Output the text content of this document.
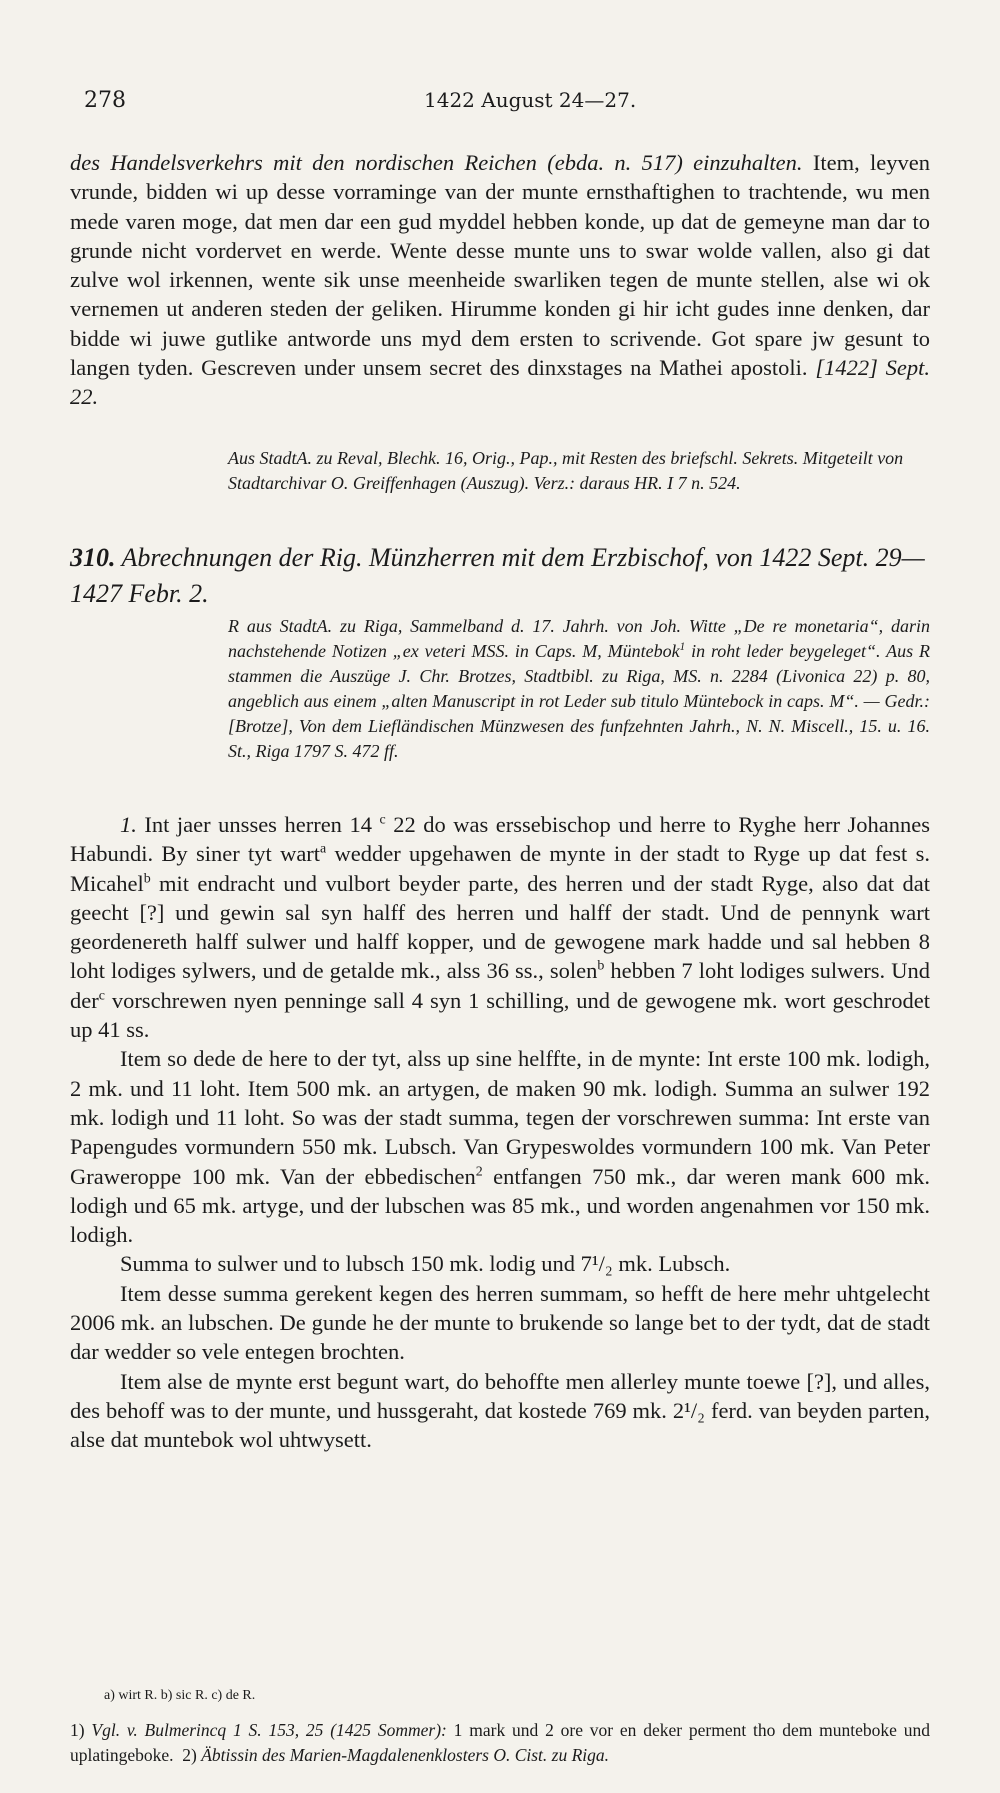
278	1422 August 24—27.

des Handelsverkehrs mit den nordischen Reichen (ebda. n. 517) einzuhalten. Item, leyven vrunde, bidden wi up desse vorraminge van der munte ernsthaftighen to trachtende, wu men mede varen moge, dat men dar een gud myddel hebben konde, up dat de gemeyne man dar to grunde nicht vordervet en werde. Wente desse munte uns to swar wolde vallen, also gi dat zulve wol irkennen, wente sik unse meenheide swarliken tegen de munte stellen, alse wi ok vernemen ut anderen steden der geliken. Hirumme konden gi hir icht gudes inne denken, dar bidde wi juwe gutlike antworde uns myd dem ersten to scrivende. Got spare jw gesunt to langen tyden. Gescreven under unsem secret des dinxstages na Mathei apostoli. [1422] Sept. 22.

Aus StadtA. zu Reval, Blechk. 16, Orig., Pap., mit Resten des briefschl. Sekrets. Mitgeteilt von Stadtarchivar O. Greiffenhagen (Auszug). Verz.: daraus HR. I 7 n. 524.
310. Abrechnungen der Rig. Münzherren mit dem Erzbischof, von 1422 Sept. 29—1427 Febr. 2.
R aus StadtA. zu Riga, Sammelband d. 17. Jahrh. von Joh. Witte „De re monetaria“, darin nachstehende Notizen „ex veteri MSS. in Caps. M, Müntebok$^1$ in roht leder beygeleget“. Aus R stammen die Auszüge J. Chr. Brotzes, Stadtbibl. zu Riga, MS. n. 2284 (Livonica 22) p. 80, angeblich aus einem „alten Manuscript in rot Leder sub titulo Müntebock in caps. M“. — Gedr.: [Brotze], Von dem Liefländischen Münzwesen des funfzehnten Jahrh., N. N. Miscell., 15. u. 16. St., Riga 1797 S. 472 ff.

1. Int jaer unsses herren 14 $^c$ 22 do was erssebischop und herre to Ryghe herr Johannes Habundi. By siner tyt wart$^a$ wedder upgehawen de mynte in der stadt to Ryge up dat fest s. Micahel$^b$ mit endracht und vulbort beyder parte, des herren und der stadt Ryge, also dat dat geecht [?] und gewin sal syn halff des herren und halff der stadt. Und de pennynk wart geordenereth halff sulwer und halff kopper, und de gewogene mark hadde und sal hebben 8 loht lodiges sylwers, und de getalde mk., alss 36 ss., solen$^b$ hebben 7 loht lodiges sulwers. Und der$^c$ vorschrewen nyen penninge sall 4 syn 1 schilling, und de gewogene mk. wort geschrodet up 41 ss.

Item so dede de here to der tyt, alss up sine helffte, in de mynte: Int erste 100 mk. lodigh, 2 mk. und 11 loht. Item 500 mk. an artygen, de maken 90 mk. lodigh. Summa an sulwer 192 mk. lodigh und 11 loht. So was der stadt summa, tegen der vorschrewen summa: Int erste van Papengudes vormundern 550 mk. Lubsch. Van Grypeswoldes vormundern 100 mk. Van Peter Graweroppe 100 mk. Van der ebbedischen$^2$ entfangen 750 mk., dar weren mank 600 mk. lodigh und 65 mk. artyge, und der lubschen was 85 mk., und worden angenahmen vor 150 mk. lodigh.

Summa to sulwer und to lubsch 150 mk. lodig und 7¹/₂ mk. Lubsch.

Item desse summa gerekent kegen des herren summam, so hefft de here mehr uhtgelecht 2006 mk. an lubschen. De gunde he der munte to brukende so lange bet to der tydt, dat de stadt dar wedder so vele entegen brochten.

Item alse de mynte erst begunt wart, do behoffte men allerley munte toewe [?], und alles, des behoff was to der munte, und hussgeraht, dat kostede 769 mk. 2¹/₂ ferd. van beyden parten, alse dat muntebok wol uhtwysett.

a) wirt R. b) sic R. c) de R.
1) Vgl. v. Bulmerincq 1 S. 153, 25 (1425 Sommer): 1 mark und 2 ore vor en deker perment tho dem munteboke und uplatingeboke. 2) Äbtissin des Marien-Magdalenenklosters O. Cist. zu Riga.
